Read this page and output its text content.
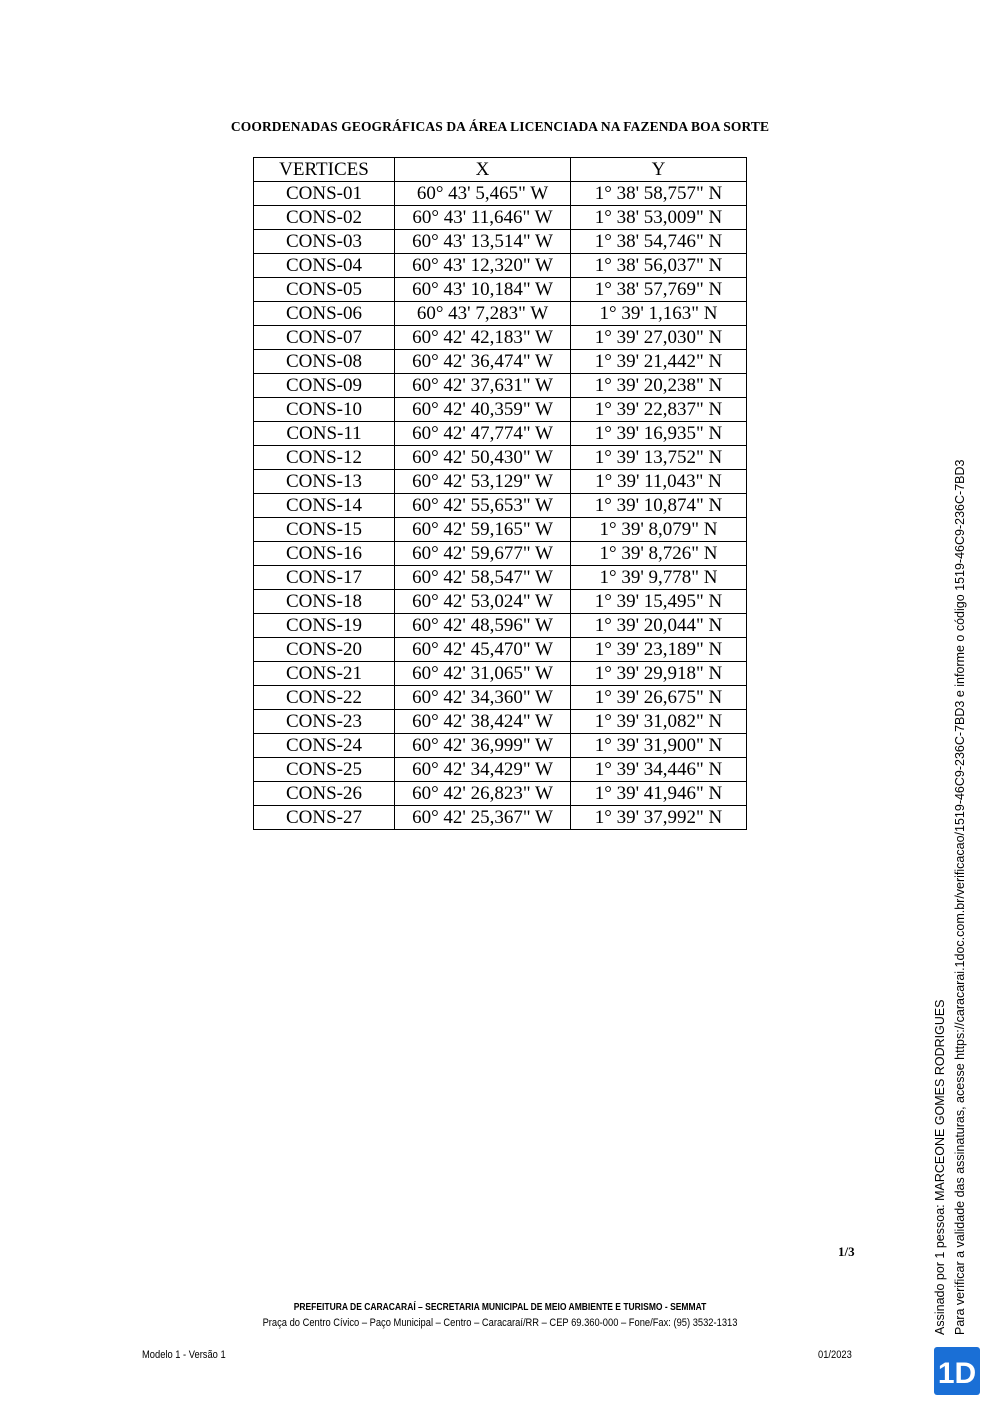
COORDENADAS GEOGRÁFICAS DA ÁREA LICENCIADA NA FAZENDA BOA SORTE
VERTICES	X	Y
CONS-01	60° 43' 5,465" W	1° 38' 58,757" N
CONS-02	60° 43' 11,646" W	1° 38' 53,009" N
CONS-03	60° 43' 13,514" W	1° 38' 54,746" N
CONS-04	60° 43' 12,320" W	1° 38' 56,037" N
CONS-05	60° 43' 10,184" W	1° 38' 57,769" N
CONS-06	60° 43' 7,283" W	1° 39' 1,163" N
CONS-07	60° 42' 42,183" W	1° 39' 27,030" N
CONS-08	60° 42' 36,474" W	1° 39' 21,442" N
CONS-09	60° 42' 37,631" W	1° 39' 20,238" N
CONS-10	60° 42' 40,359" W	1° 39' 22,837" N
CONS-11	60° 42' 47,774" W	1° 39' 16,935" N
CONS-12	60° 42' 50,430" W	1° 39' 13,752" N
CONS-13	60° 42' 53,129" W	1° 39' 11,043" N
CONS-14	60° 42' 55,653" W	1° 39' 10,874" N
CONS-15	60° 42' 59,165" W	1° 39' 8,079" N
CONS-16	60° 42' 59,677" W	1° 39' 8,726" N
CONS-17	60° 42' 58,547" W	1° 39' 9,778" N
CONS-18	60° 42' 53,024" W	1° 39' 15,495" N
CONS-19	60° 42' 48,596" W	1° 39' 20,044" N
CONS-20	60° 42' 45,470" W	1° 39' 23,189" N
CONS-21	60° 42' 31,065" W	1° 39' 29,918" N
CONS-22	60° 42' 34,360" W	1° 39' 26,675" N
CONS-23	60° 42' 38,424" W	1° 39' 31,082" N
CONS-24	60° 42' 36,999" W	1° 39' 31,900" N
CONS-25	60° 42' 34,429" W	1° 39' 34,446" N
CONS-26	60° 42' 26,823" W	1° 39' 41,946" N
CONS-27	60° 42' 25,367" W	1° 39' 37,992" N
1/3
PREFEITURA DE CARACARAÍ – SECRETARIA MUNICIPAL DE MEIO AMBIENTE E TURISMO - SEMMAT
Praça do Centro Cívico – Paço Municipal – Centro – Caracaraí/RR – CEP 69.360-000 – Fone/Fax: (95) 3532-1313
Modelo 1 - Versão 1	01/2023
Assinado por 1 pessoa: MARCEONE GOMES RODRIGUES Para verificar a validade das assinaturas, acesse https://caracarai.1doc.com.br/verificacao/1519-46C9-236C-7BD3 e informe o código 1519-46C9-236C-7BD3
1D
